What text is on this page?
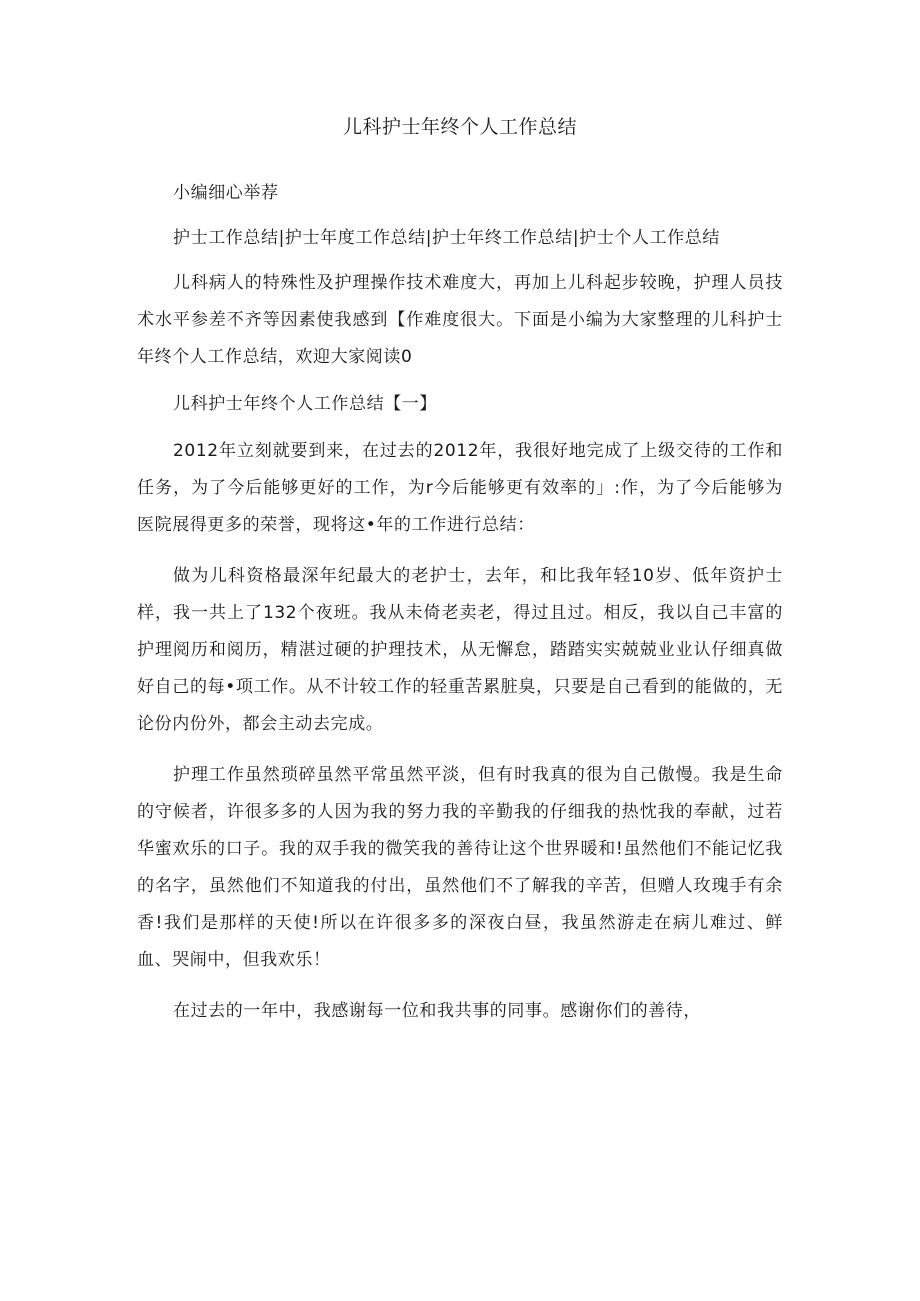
儿科护士年终个人工作总结

小编细心举荐

护士工作总结|护士年度工作总结|护士年终工作总结|护士个人工作总结

儿科病人的特殊性及护理操作技术难度大，再加上儿科起步较晚，护理人员技术水平参差不齐等因素使我感到【作难度很大。下面是小编为大家整理的儿科护士年终个人工作总结，欢迎大家阅读0

儿科护士年终个人工作总结【一】

2012年立刻就要到来，在过去的2012年，我很好地完成了上级交待的工作和任务，为了今后能够更好的工作，为r今后能够更有效率的」:作，为了今后能够为医院展得更多的荣誉，现将这•年的工作进行总结：

做为儿科资格最深年纪最大的老护士，去年，和比我年轻10岁、低年资护士样，我一共上了132个夜班。我从未倚老卖老，得过且过。相反，我以自己丰富的护理阅历和阅历，精湛过硬的护理技术，从无懈怠，踏踏实实兢兢业业认仔细真做好自己的每•项工作。从不计较工作的轻重苦累脏臭，只要是自己看到的能做的，无论份内份外，都会主动去完成。

护理工作虽然琐碎虽然平常虽然平淡，但有时我真的很为自己傲慢。我是生命的守候者，许很多多的人因为我的努力我的辛勤我的仔细我的热忱我的奉献，过若华蜜欢乐的口子。我的双手我的微笑我的善待让这个世界暖和!虽然他们不能记忆我的名字，虽然他们不知道我的付出，虽然他们不了解我的辛苦，但赠人玫瑰手有余香!我们是那样的天使!所以在许很多多的深夜白昼，我虽然游走在病儿难过、鲜血、哭闹中，但我欢乐！

在过去的一年中，我感谢每一位和我共事的同事。感谢你们的善待，
